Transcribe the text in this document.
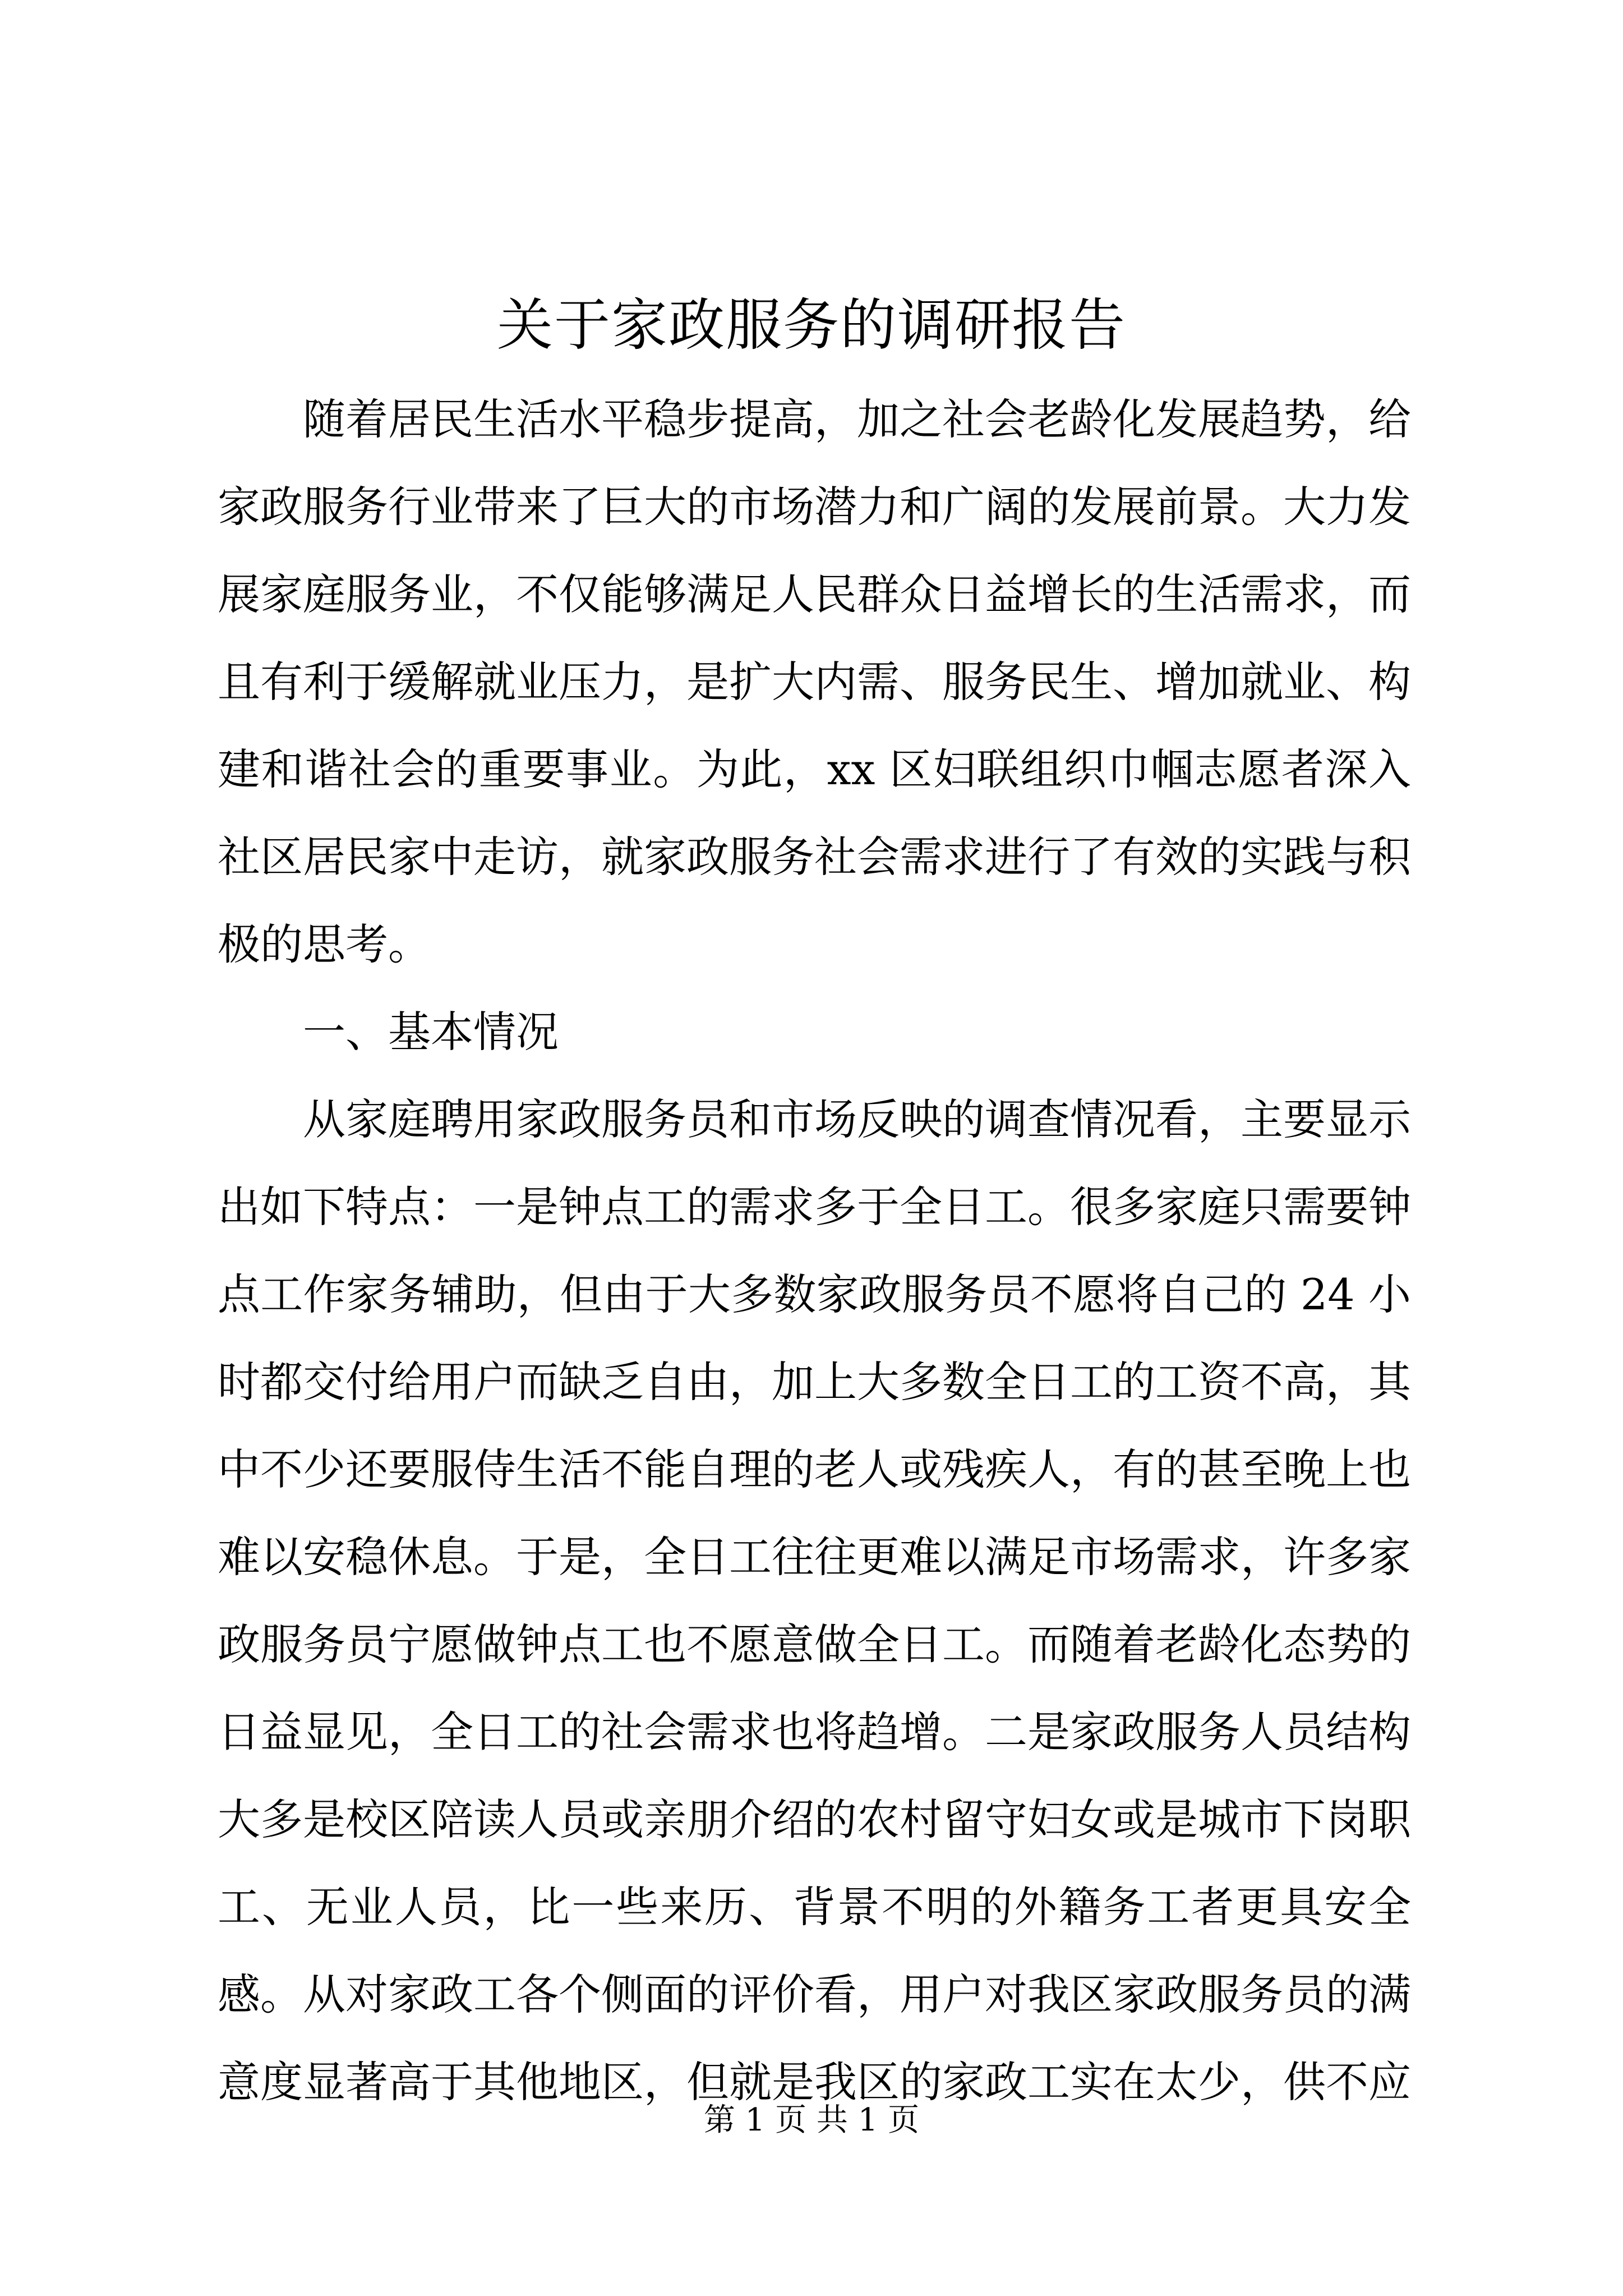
关于家政服务的调研报告

随着居民生活水平稳步提高，加之社会老龄化发展趋势，给家政服务行业带来了巨大的市场潜力和广阔的发展前景。大力发展家庭服务业，不仅能够满足人民群众日益增长的生活需求，而且有利于缓解就业压力，是扩大内需、服务民生、增加就业、构建和谐社会的重要事业。为此，xx 区妇联组织巾帼志愿者深入社区居民家中走访，就家政服务社会需求进行了有效的实践与积极的思考。

一、基本情况

从家庭聘用家政服务员和市场反映的调查情况看，主要显示出如下特点：一是钟点工的需求多于全日工。很多家庭只需要钟点工作家务辅助，但由于大多数家政服务员不愿将自己的 24 小时都交付给用户而缺乏自由，加上大多数全日工的工资不高，其中不少还要服侍生活不能自理的老人或残疾人，有的甚至晚上也难以安稳休息。于是，全日工往往更难以满足市场需求，许多家政服务员宁愿做钟点工也不愿意做全日工。而随着老龄化态势的日益显见，全日工的社会需求也将趋增。二是家政服务人员结构大多是校区陪读人员或亲朋介绍的农村留守妇女或是城市下岗职工、无业人员，比一些来历、背景不明的外籍务工者更具安全感。从对家政工各个侧面的评价看，用户对我区家政服务员的满意度显著高于其他地区，但就是我区的家政工实在太少，供不应

第 1 页 共 1 页
